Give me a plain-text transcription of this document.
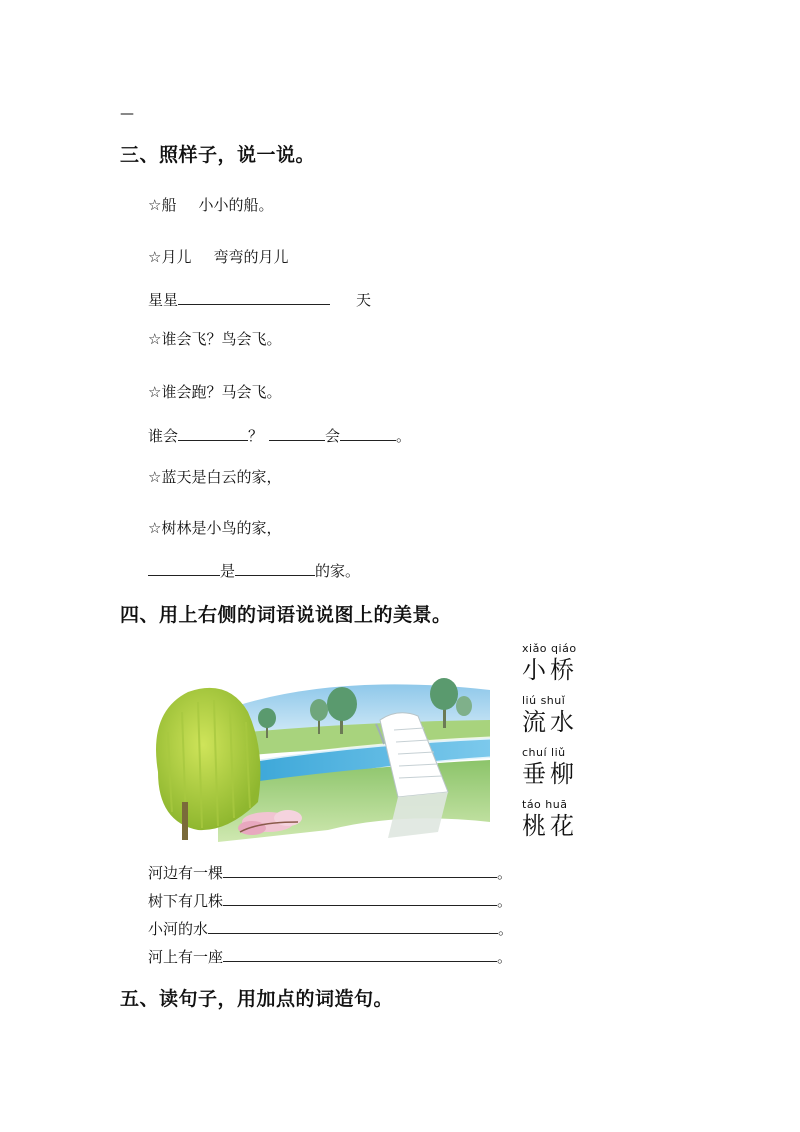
—
三、照样子，说一说。
☆船 小小的船。
☆月儿 弯弯的月儿
星星	天
☆谁会飞？鸟会飞。
☆谁会跑？马会飞。
谁会	？	会	。
☆蓝天是白云的家，
☆树林是小鸟的家，
是	的家。
四、用上右侧的词语说说图上的美景。
xiǎo qiáo
小桥
liú shuǐ
流水
chuí liǔ
垂柳
táo huā
桃花
河边有一棵	。
树下有几株	。
小河的水	。
河上有一座	。
五、读句子，用加点的词造句。
